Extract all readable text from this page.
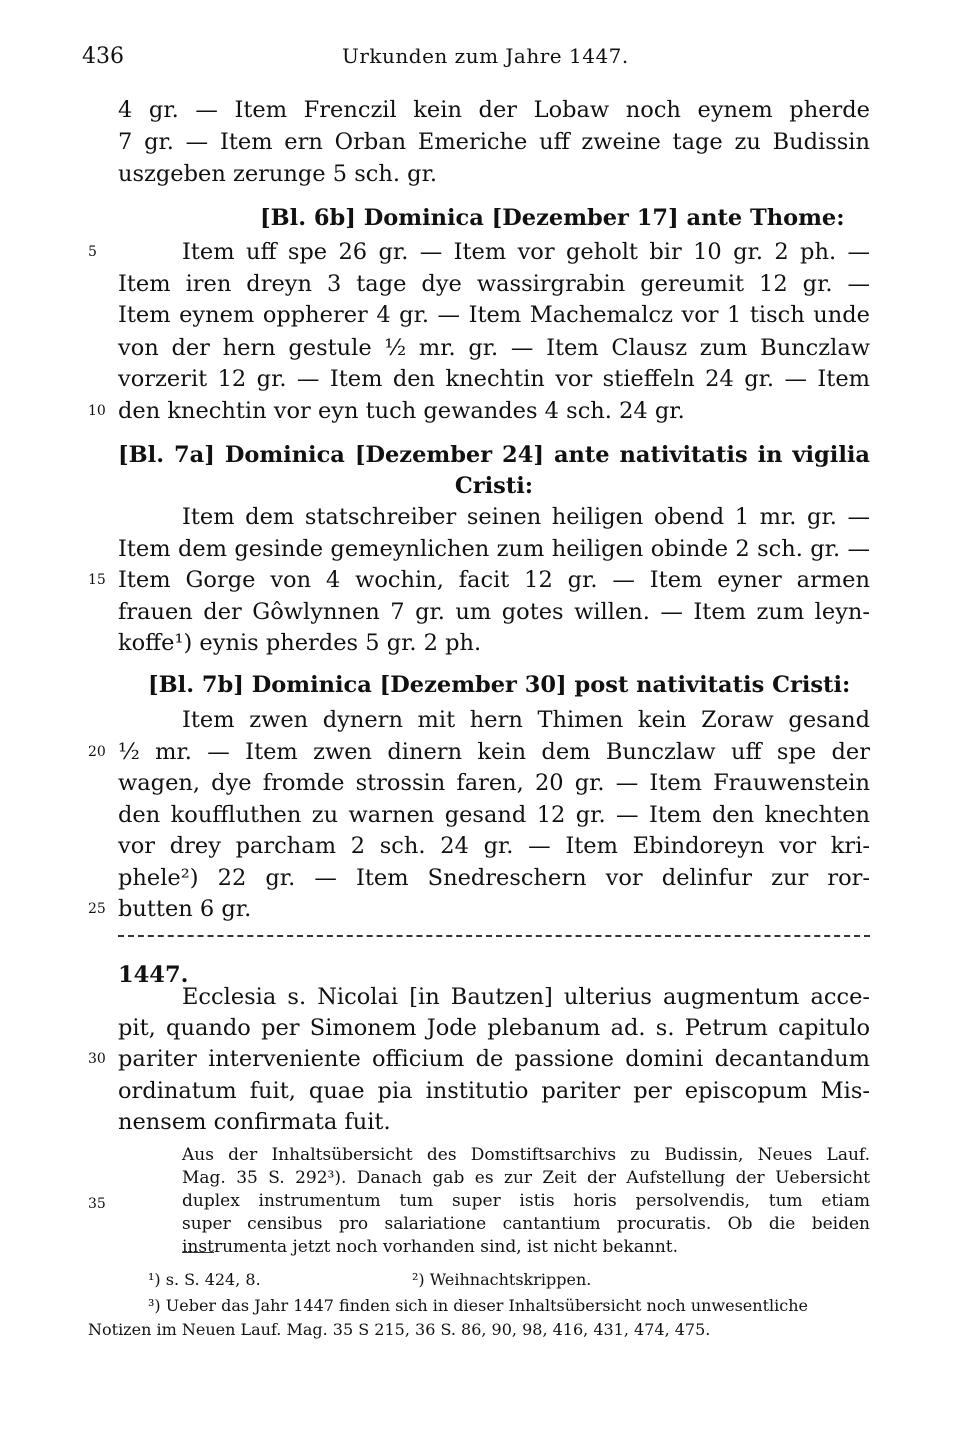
436	Urkunden zum Jahre 1447.
4 gr. — Item Frenczil kein der Lobaw noch eynem pherde
7 gr. — Item ern Orban Emeriche uff zweine tage zu Budissin
uszgeben zerunge 5 sch. gr.
[Bl. 6b] Dominica [Dezember 17] ante Thome:
Item uff spe 26 gr. — Item vor geholt bir 10 gr. 2 ph. —
Item iren dreyn 3 tage dye wassirgrabin gereumit 12 gr. —
Item eynem oppherer 4 gr. — Item Machemalcz vor 1 tisch unde
von der hern gestule ½ mr. gr. — Item Clausz zum Bunczlaw
vorzerit 12 gr. — Item den knechtin vor stieffeln 24 gr. — Item
den knechtin vor eyn tuch gewandes 4 sch. 24 gr.
[Bl. 7a] Dominica [Dezember 24] ante nativitatis in vigilia
Cristi:
Item dem statschreiber seinen heiligen obend 1 mr. gr. —
Item dem gesinde gemeynlichen zum heiligen obinde 2 sch. gr. —
Item Gorge von 4 wochin, facit 12 gr. — Item eyner armen
frauen der Gôwlynnen 7 gr. um gotes willen. — Item zum leyn-
koffe¹) eynis pherdes 5 gr. 2 ph.
[Bl. 7b] Dominica [Dezember 30] post nativitatis Cristi:
Item zwen dynern mit hern Thimen kein Zoraw gesand
½ mr. — Item zwen dinern kein dem Bunczlaw uff spe der
wagen, dye fromde strossin faren, 20 gr. — Item Frauwenstein
den kouffluthen zu warnen gesand 12 gr. — Item den knechten
vor drey parcham 2 sch. 24 gr. — Item Ebindoreyn vor kri-
phele²) 22 gr. — Item Snedreschern vor delinfur zur ror-
butten 6 gr.
1447.
Ecclesia s. Nicolai [in Bautzen] ulterius augmentum acce-
pit, quando per Simonem Jode plebanum ad. s. Petrum capitulo
pariter interveniente officium de passione domini decantandum
ordinatum fuit, quae pia institutio pariter per episcopum Mis-
nensem confirmata fuit.
Aus der Inhaltsübersicht des Domstiftsarchivs zu Budissin, Neues Lauf.
Mag. 35 S. 292³). Danach gab es zur Zeit der Aufstellung der Uebersicht
duplex instrumentum tum super istis horis persolvendis, tum etiam
super censibus pro salariatione cantantium procuratis. Ob die beiden
instrumenta jetzt noch vorhanden sind, ist nicht bekannt.
¹) s. S. 424, 8.	²) Weihnachtskrippen.
³) Ueber das Jahr 1447 finden sich in dieser Inhaltsübersicht noch unwesentliche
Notizen im Neuen Lauf. Mag. 35 S 215, 36 S. 86, 90, 98, 416, 431, 474, 475.
5
10
15
20
25
30
35
